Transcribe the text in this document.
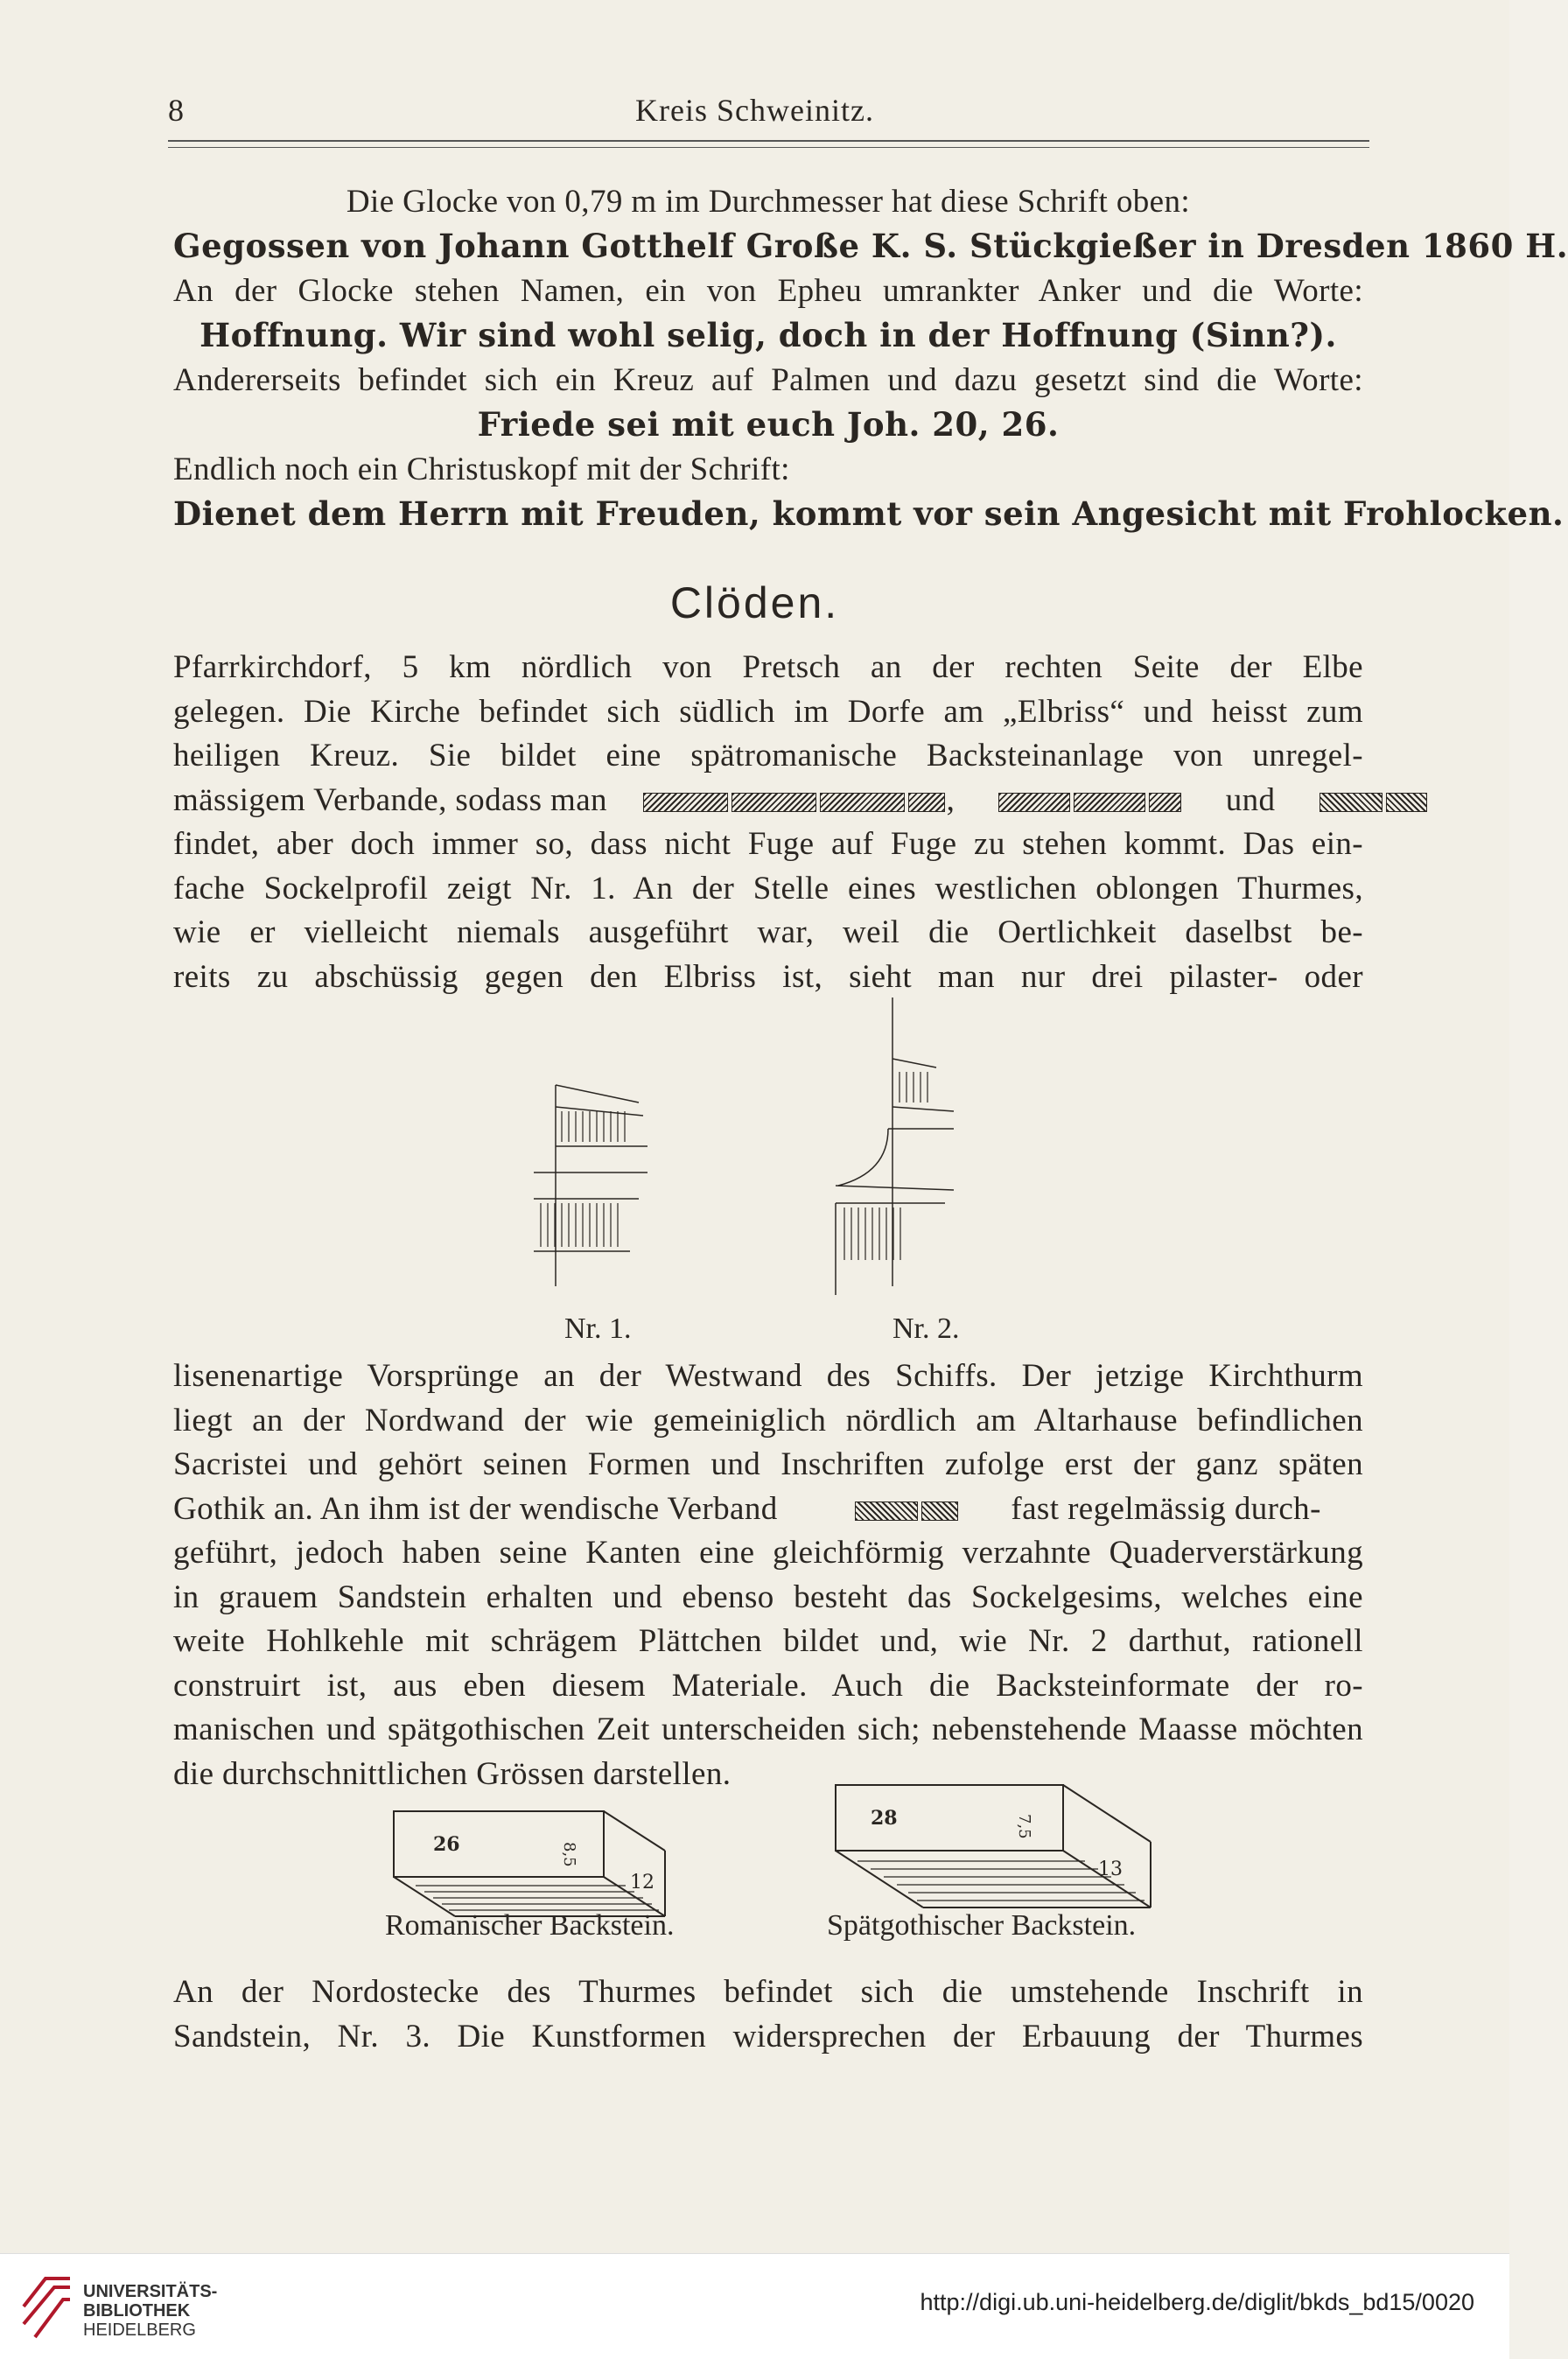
8	Kreis Schweinitz.
Die Glocke von 0,79 m im Durchmesser hat diese Schrift oben:
Gegossen von Johann Gotthelf Große K. S. Stückgießer in Dresden 1860 H.
An der Glocke stehen Namen, ein von Epheu umrankter Anker und die Worte:
Hoffnung. Wir sind wohl selig, doch in der Hoffnung (Sinn?).
Andererseits befindet sich ein Kreuz auf Palmen und dazu gesetzt sind die Worte:
Friede sei mit euch Joh. 20, 26.
Endlich noch ein Christuskopf mit der Schrift:
Dienet dem Herrn mit Freuden, kommt vor sein Angesicht mit Frohlocken.
Clöden.
Pfarrkirchdorf, 5 km nördlich von Pretsch an der rechten Seite der Elbe
gelegen. Die Kirche befindet sich südlich im Dorfe am „Elbriss“ und heisst zum
heiligen Kreuz. Sie bildet eine spätromanische Backsteinanlage von unregel-
mässigem Verbande, sodass man	,	und
findet, aber doch immer so, dass nicht Fuge auf Fuge zu stehen kommt. Das ein-
fache Sockelprofil zeigt Nr. 1. An der Stelle eines westlichen oblongen Thurmes,
wie er vielleicht niemals ausgeführt war, weil die Oertlichkeit daselbst be-
reits zu abschüssig gegen den Elbriss ist, sieht man nur drei pilaster- oder
Nr. 1.	Nr. 2.
lisenenartige Vorsprünge an der Westwand des Schiffs. Der jetzige Kirchthurm
liegt an der Nordwand der wie gemeiniglich nördlich am Altarhause befindlichen
Sacristei und gehört seinen Formen und Inschriften zufolge erst der ganz späten
Gothik an. An ihm ist der wendische Verband	fast regelmässig durch-
geführt, jedoch haben seine Kanten eine gleichförmig verzahnte Quaderverstärkung
in grauem Sandstein erhalten und ebenso besteht das Sockelgesims, welches eine
weite Hohlkehle mit schrägem Plättchen bildet und, wie Nr. 2 darthut, rationell
construirt ist, aus eben diesem Materiale. Auch die Backsteinformate der ro-
manischen und spätgothischen Zeit unterscheiden sich; nebenstehende Maasse möchten
die durchschnittlichen Grössen darstellen.
26	8,5
12
Romanischer Backstein.
28	7,5
13
Spätgothischer Backstein.
An der Nordostecke des Thurmes befindet sich die umstehende Inschrift in
Sandstein, Nr. 3. Die Kunstformen widersprechen der Erbauung der Thurmes
UNIVERSITÄTS-
BIBLIOTHEK
HEIDELBERG
http://digi.ub.uni-heidelberg.de/diglit/bkds_bd15/0020
